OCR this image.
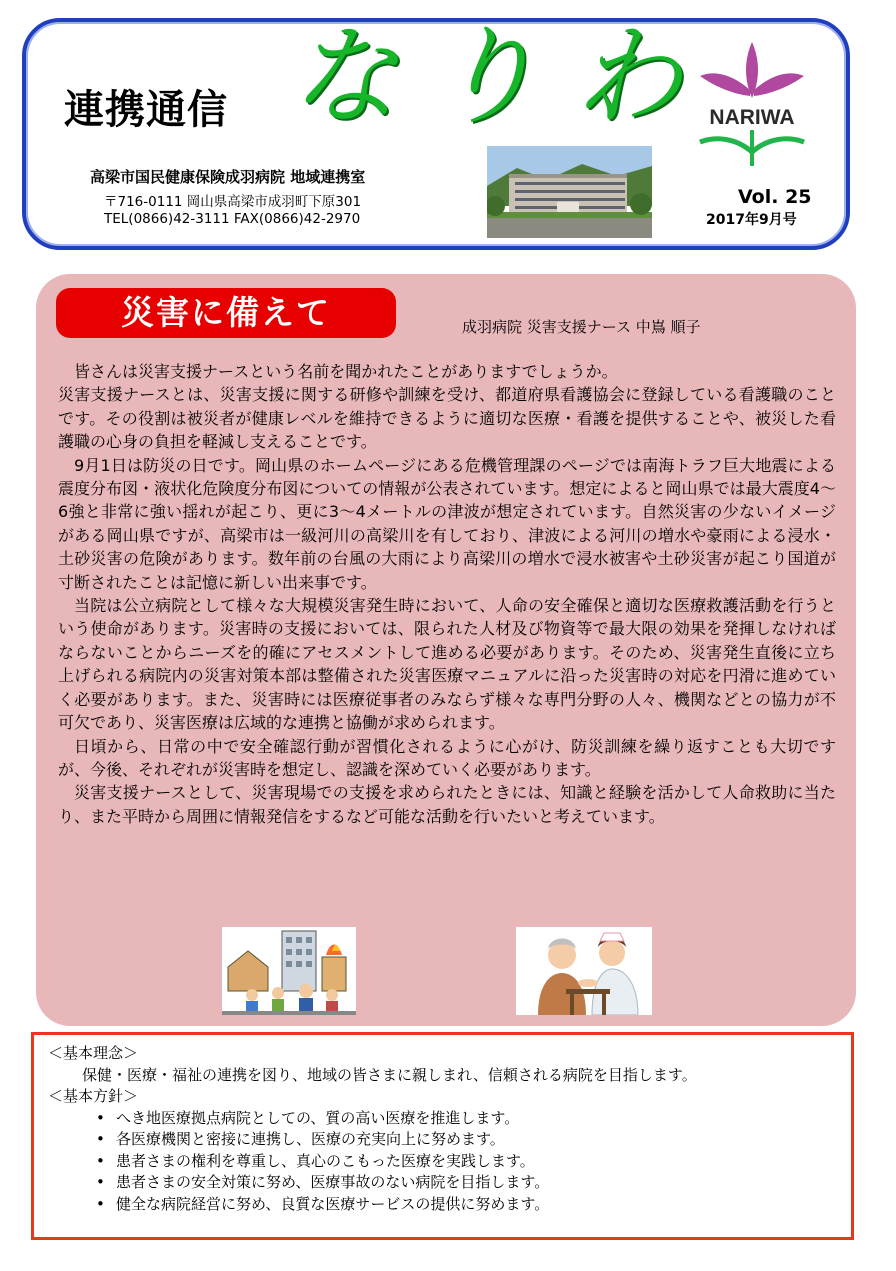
連携通信 なりわ
高梁市国民健康保険成羽病院 地域連携室
〒716-0111 岡山県高梁市成羽町下原301
TEL(0866)42-3111 FAX(0866)42-2970
NARIWA
Vol. 25
2017年9月号
災害に備えて	成羽病院 災害支援ナース 中嶌 順子

皆さんは災害支援ナースという名前を聞かれたことがありますでしょうか。

災害支援ナースとは、災害支援に関する研修や訓練を受け、都道府県看護協会に登録している看護職のことです。その役割は被災者が健康レベルを維持できるように適切な医療・看護を提供することや、被災した看護職の心身の負担を軽減し支えることです。

9月1日は防災の日です。岡山県のホームページにある危機管理課のページでは南海トラフ巨大地震による震度分布図・液状化危険度分布図についての情報が公表されています。想定によると岡山県では最大震度4～6強と非常に強い揺れが起こり、更に3～4メートルの津波が想定されています。自然災害の少ないイメージがある岡山県ですが、高梁市は一級河川の高梁川を有しており、津波による河川の増水や豪雨による浸水・土砂災害の危険があります。数年前の台風の大雨により高梁川の増水で浸水被害や土砂災害が起こり国道が寸断されたことは記憶に新しい出来事です。

当院は公立病院として様々な大規模災害発生時において、人命の安全確保と適切な医療救護活動を行うという使命があります。災害時の支援においては、限られた人材及び物資等で最大限の効果を発揮しなければならないことからニーズを的確にアセスメントして進める必要があります。そのため、災害発生直後に立ち上げられる病院内の災害対策本部は整備された災害医療マニュアルに沿った災害時の対応を円滑に進めていく必要があります。また、災害時には医療従事者のみならず様々な専門分野の人々、機関などとの協力が不可欠であり、災害医療は広域的な連携と協働が求められます。

日頃から、日常の中で安全確認行動が習慣化されるように心がけ、防災訓練を繰り返すことも大切ですが、今後、それぞれが災害時を想定し、認識を深めていく必要があります。

災害支援ナースとして、災害現場での支援を求められたときには、知識と経験を活かして人命救助に当たり、また平時から周囲に情報発信をするなど可能な活動を行いたいと考えています。

＜基本理念＞

保健・医療・福祉の連携を図り、地域の皆さまに親しまれ、信頼される病院を目指します。

＜基本方針＞

• へき地医療拠点病院としての、質の高い医療を推進します。
• 各医療機関と密接に連携し、医療の充実向上に努めます。
• 患者さまの権利を尊重し、真心のこもった医療を実践します。
• 患者さまの安全対策に努め、医療事故のない病院を目指します。
• 健全な病院経営に努め、良質な医療サービスの提供に努めます。
